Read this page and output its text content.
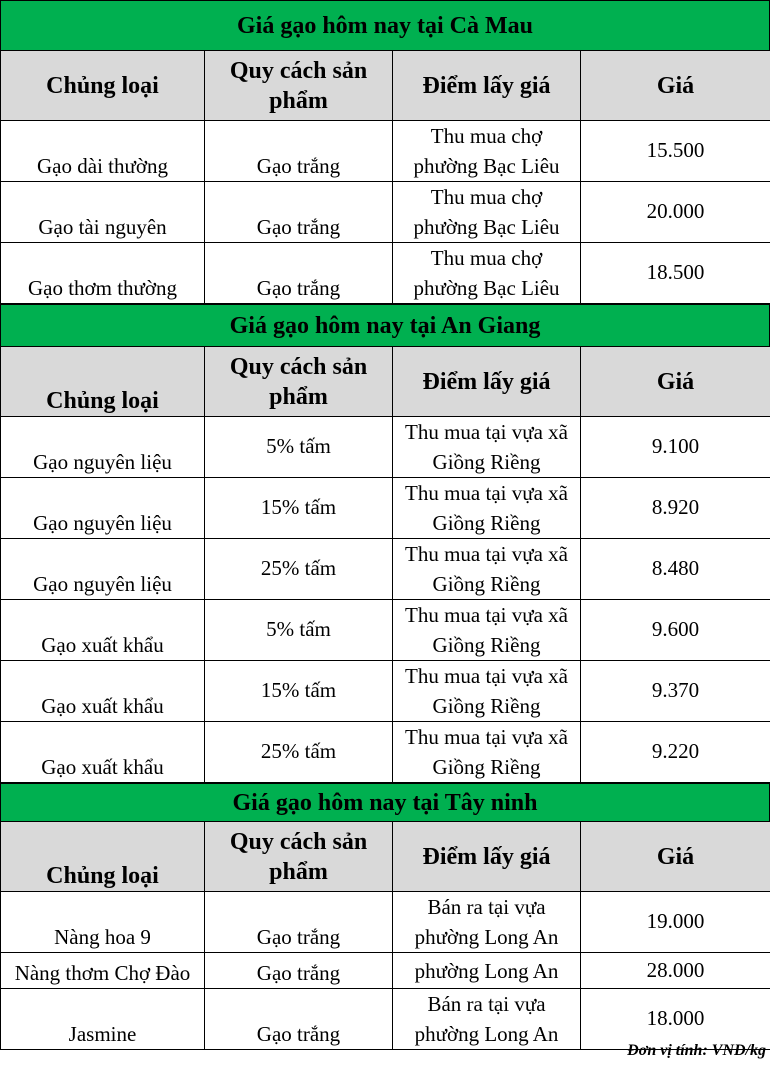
Giá gạo hôm nay tại Cà Mau
Chủng loại	Quy cách sản phẩm	Điểm lấy giá	Giá
Gạo dài thường	Gạo trắng	Thu mua chợ phường Bạc Liêu	15.500
Gạo tài nguyên	Gạo trắng	Thu mua chợ phường Bạc Liêu	20.000
Gạo thơm thường	Gạo trắng	Thu mua chợ phường Bạc Liêu	18.500
Giá gạo hôm nay tại An Giang
Chủng loại	Quy cách sản phẩm	Điểm lấy giá	Giá
Gạo nguyên liệu	5% tấm	Thu mua tại vựa xã Giồng Riềng	9.100
Gạo nguyên liệu	15% tấm	Thu mua tại vựa xã Giồng Riềng	8.920
Gạo nguyên liệu	25% tấm	Thu mua tại vựa xã Giồng Riềng	8.480
Gạo xuất khẩu	5% tấm	Thu mua tại vựa xã Giồng Riềng	9.600
Gạo xuất khẩu	15% tấm	Thu mua tại vựa xã Giồng Riềng	9.370
Gạo xuất khẩu	25% tấm	Thu mua tại vựa xã Giồng Riềng	9.220
Giá gạo hôm nay tại Tây ninh
Chủng loại	Quy cách sản phẩm	Điểm lấy giá	Giá
Nàng hoa 9	Gạo trắng	Bán ra tại vựa phường Long An	19.000
Nàng thơm Chợ Đào	Gạo trắng	phường Long An	28.000
Jasmine	Gạo trắng	Bán ra tại vựa phường Long An	18.000
Đơn vị tính: VND/kg
